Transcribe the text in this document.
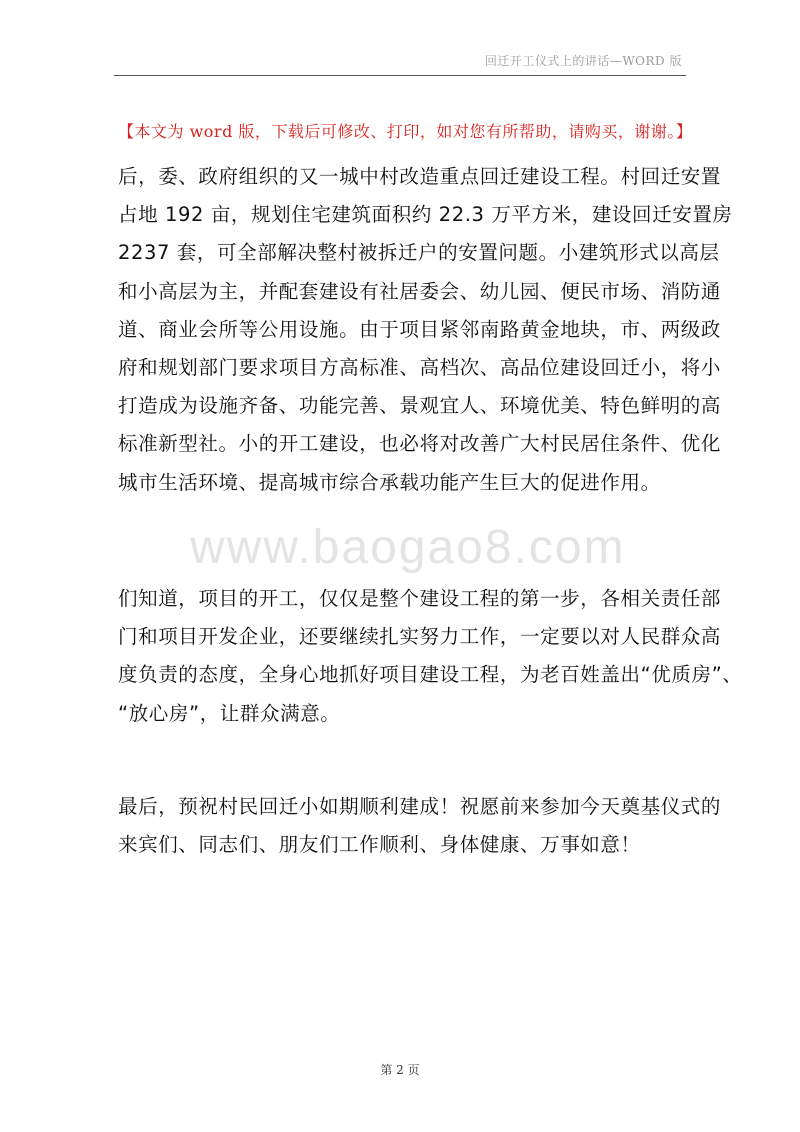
回迁开工仪式上的讲话—WORD 版
【本文为 word 版，下载后可修改、打印，如对您有所帮助，请购买，谢谢。】
后，委、政府组织的又一城中村改造重点回迁建设工程。村回迁安置
占地 192 亩，规划住宅建筑面积约 22.3 万平方米，建设回迁安置房
2237 套，可全部解决整村被拆迁户的安置问题。小建筑形式以高层
和小高层为主，并配套建设有社居委会、幼儿园、便民市场、消防通
道、商业会所等公用设施。由于项目紧邻南路黄金地块，市、两级政
府和规划部门要求项目方高标准、高档次、高品位建设回迁小，将小
打造成为设施齐备、功能完善、景观宜人、环境优美、特色鲜明的高
标准新型社。小的开工建设，也必将对改善广大村民居住条件、优化
城市生活环境、提高城市综合承载功能产生巨大的促进作用。
www.baogao8.com
们知道，项目的开工，仅仅是整个建设工程的第一步，各相关责任部
门和项目开发企业，还要继续扎实努力工作，一定要以对人民群众高
度负责的态度，全身心地抓好项目建设工程，为老百姓盖出“优质房”、
“放心房”，让群众满意。
最后，预祝村民回迁小如期顺利建成！祝愿前来参加今天奠基仪式的
来宾们、同志们、朋友们工作顺利、身体健康、万事如意！
第 2 页
